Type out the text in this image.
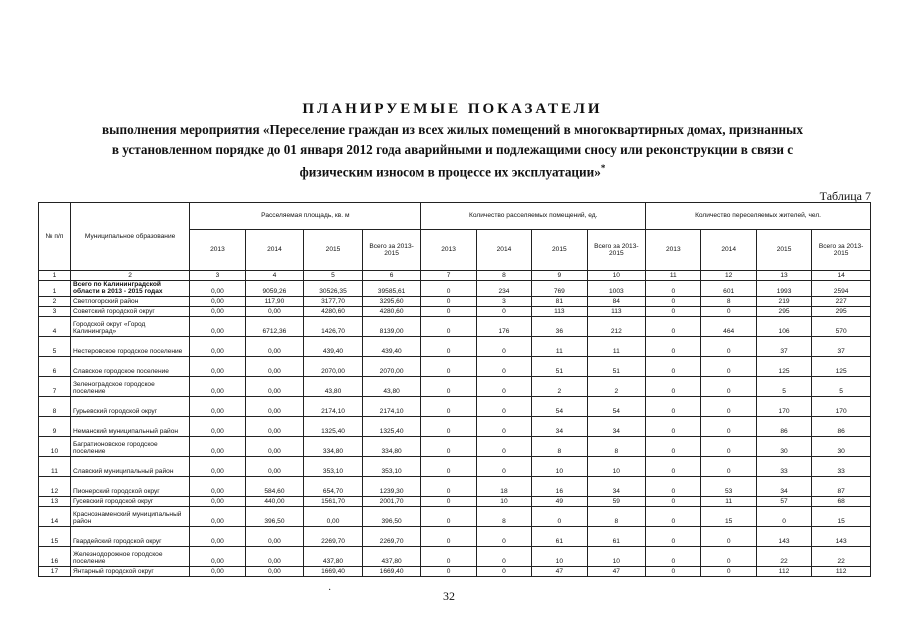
ПЛАНИРУЕМЫЕ ПОКАЗАТЕЛИ
выполнения мероприятия «Переселение граждан из всех жилых помещений в многоквартирных домах, признанных в установленном порядке до 01 января 2012 года аварийными и подлежащими сносу или реконструкции в связи с физическим износом в процессе их эксплуатации»*
Таблица 7
№ п/п	Муниципальное образование	Расселяемая площадь, кв. м				Количество расселяемых помещений, ед.				Количество переселяемых жителей, чел.			
		2013	2014	2015	Всего за 2013-2015	2013	2014	2015	Всего за 2013-2015	2013	2014	2015	Всего за 2013-2015
1	2	3	4	5	6	7	8	9	10	11	12	13	14
1	Всего по Калининградской области в 2013 - 2015 годах	0,00	9059,26	30526,35	39585,61	0	234	769	1003	0	601	1993	2594
2	Светлогорский район	0,00	117,90	3177,70	3295,60	0	3	81	84	0	8	219	227
3	Советский городской округ	0,00	0,00	4280,60	4280,60	0	0	113	113	0	0	295	295
4	Городской округ «Город Калининград»	0,00	6712,36	1426,70	8139,00	0	176	36	212	0	464	106	570
5	Нестеровское городское поселение	0,00	0,00	439,40	439,40	0	0	11	11	0	0	37	37
6	Славское городское поселение	0,00	0,00	2070,00	2070,00	0	0	51	51	0	0	125	125
7	Зеленоградское городское поселение	0,00	0,00	43,80	43,80	0	0	2	2	0	0	5	5
8	Гурьевский городской округ	0,00	0,00	2174,10	2174,10	0	0	54	54	0	0	170	170
9	Неманский муниципальный район	0,00	0,00	1325,40	1325,40	0	0	34	34	0	0	86	86
10	Багратионовское городское поселение	0,00	0,00	334,80	334,80	0	0	8	8	0	0	30	30
11	Славский муниципальный район	0,00	0,00	353,10	353,10	0	0	10	10	0	0	33	33
12	Пионерский городской округ	0,00	584,60	654,70	1239,30	0	18	16	34	0	53	34	87
13	Гусевский городской округ	0,00	440,00	1561,70	2001,70	0	10	49	59	0	11	57	68
14	Краснознаменский муниципальный район	0,00	396,50	0,00	396,50	0	8	0	8	0	15	0	15
15	Гвардейский городской округ	0,00	0,00	2269,70	2269,70	0	0	61	61	0	0	143	143
16	Железнодорожное городское поселение	0,00	0,00	437,80	437,80	0	0	10	10	0	0	22	22
17	Янтарный городской округ	0,00	0,00	1669,40	1669,40	0	0	47	47	0	0	112	112
·	32
